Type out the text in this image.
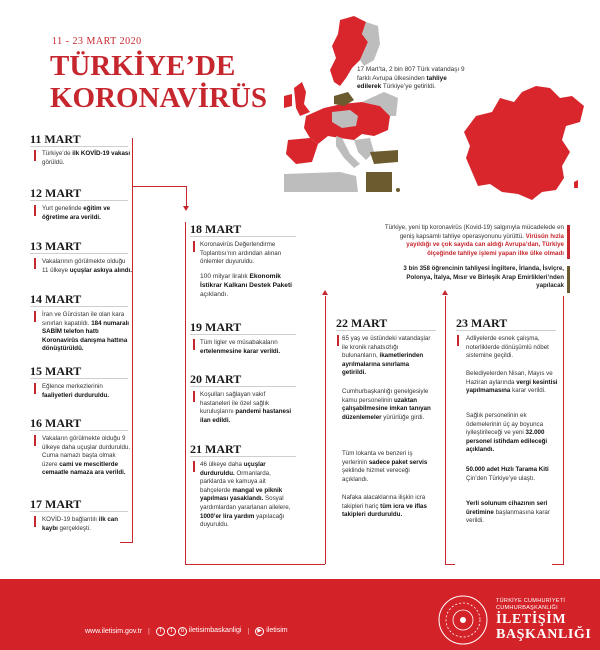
11 - 23 MART 2020
TÜRKİYE’DE
KORONAVİRÜS
17 Mart’ta, 2 bin 807 Türk vatandaşı 9 farklı Avrupa ülkesinden tahliye edilerek Türkiye’ye getirildi.
Türkiye, yeni tip koronavirüs (Kovid-19) salgınıyla mücadelede en geniş kapsamlı tahliye operasyonunu yürüttü. Virüsün hızla yayıldığı ve çok sayıda can aldığı Avrupa’dan, Türkiye ölçeğinde tahliye işlemi yapan ilke ülke olmadı
3 bin 358 öğrencinin tahliyesi İngiltere, İrlanda, İsviçre, Polonya, İtalya, Mısır ve Birleşik Arap Emirlikleri’nden yapılacak
11 MART
Türkiye’de ilk KOVİD-19 vakası görüldü.
12 MART
Yurt genelinde eğitim ve öğretime ara verildi.
13 MART
Vakalarının görülmekte olduğu 11 ülkeye uçuşlar askıya alındı.
14 MART
İran ve Gürcistan ile olan kara sınırları kapatıldı. 184 numaralı SABİM telefon hattı Koronavirüs danışma hattına dönüştürüldü.
15 MART
Eğlence merkezlerinin faaliyetleri durduruldu.
16 MART
Vakaların görülmekte olduğu 9 ülkeye daha uçuşlar durduruldu. Cuma namazı başta olmak üzere cami ve mescitlerde cemaatle namaza ara verildi.
17 MART
KOVİD-19 bağlantılı ilk can kaybı gerçekleşti.
18 MART
Koronavirüs Değerlendirme Toplantısı’nın ardından alınan önlemler duyuruldu.
100 milyar liralık Ekonomik İstikrar Kalkanı Destek Paketi açıklandı.
19 MART
Tüm ligler ve müsabakaların ertelenmesine karar verildi.
20 MART
Koşulları sağlayan vakıf hastaneleri ile özel sağlık kuruluşlarını pandemi hastanesi ilan edildi.
21 MART
46 ülkeye daha uçuşlar durduruldu. Ormanlarda, parklarda ve kamuya ait bahçelerde mangal ve piknik yapılması yasaklandı. Sosyal yardımlardan yararlanan ailelere, 1000’er lira yardım yapılacağı duyuruldu.
22 MART
65 yaş ve üstündeki vatandaşlar ile kronik rahatsızlığı bulunanların, ikametlerinden ayrılmalarına sınırlama getirildi.
Cumhurbaşkanlığı genelgesiyle kamu personelinin uzaktan çalışabilmesine imkan tanıyan düzenlemeler yürürlüğe girdi.
Tüm lokanta ve benzeri iş yerlerinin sadece paket servis şeklinde hizmet vereceği açıklandı.
Nafaka alacaklarına ilişkin icra takipleri hariç tüm icra ve iflas takipleri durduruldu.
23 MART
Adliyelerde esnek çalışma, noterliklerde dönüşümlü nöbet sistemine geçildi.
Belediyelerden Nisan, Mayıs ve Haziran aylarında vergi kesintisi yapılmamasına karar verildi.
Sağlık personelinin ek ödemelerinin üç ay boyunca iyileştirileceği ve yeni 32.000 personel istihdam edileceği açıklandı.
50.000 adet Hızlı Tarama Kiti Çin’den Türkiye’ye ulaştı.
Yerli solunum cihazının seri üretimine başlanmasına karar verildi.
www.iletisim.gov.tr |	f t o iletisimbaskanligi |	▶ iletisim
TÜRKİYE CUMHURİYETİ
CUMHURBAŞKANLIĞI
İLETİŞİM
BAŞKANLIĞI
